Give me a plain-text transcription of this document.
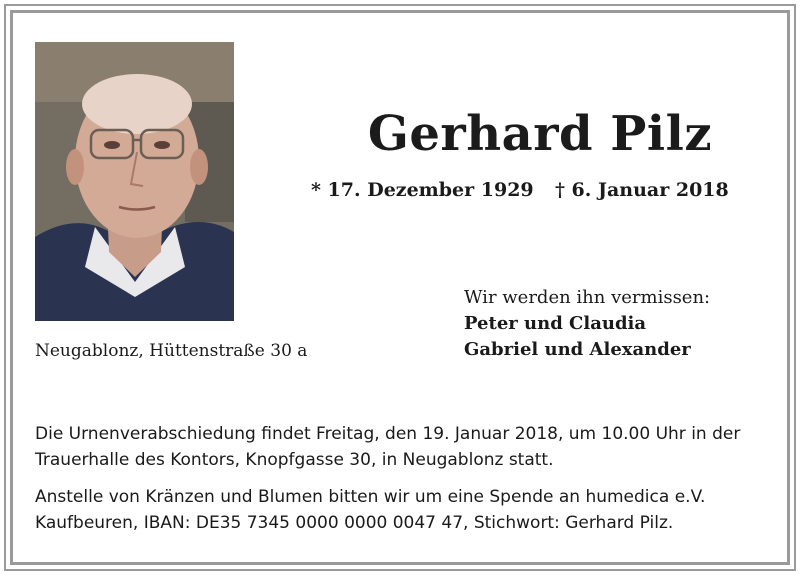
Gerhard Pilz
* 17. Dezember 1929 † 6. Januar 2018
Wir werden ihn vermissen:
Peter und Claudia
Gabriel und Alexander
Neugablonz, Hüttenstraße 30 a
Die Urnenverabschiedung findet Freitag, den 19. Januar 2018, um 10.00 Uhr in der
Trauerhalle des Kontors, Knopfgasse 30, in Neugablonz statt.
Anstelle von Kränzen und Blumen bitten wir um eine Spende an humedica e.V.
Kaufbeuren, IBAN: DE35 7345 0000 0000 0047 47, Stichwort: Gerhard Pilz.
